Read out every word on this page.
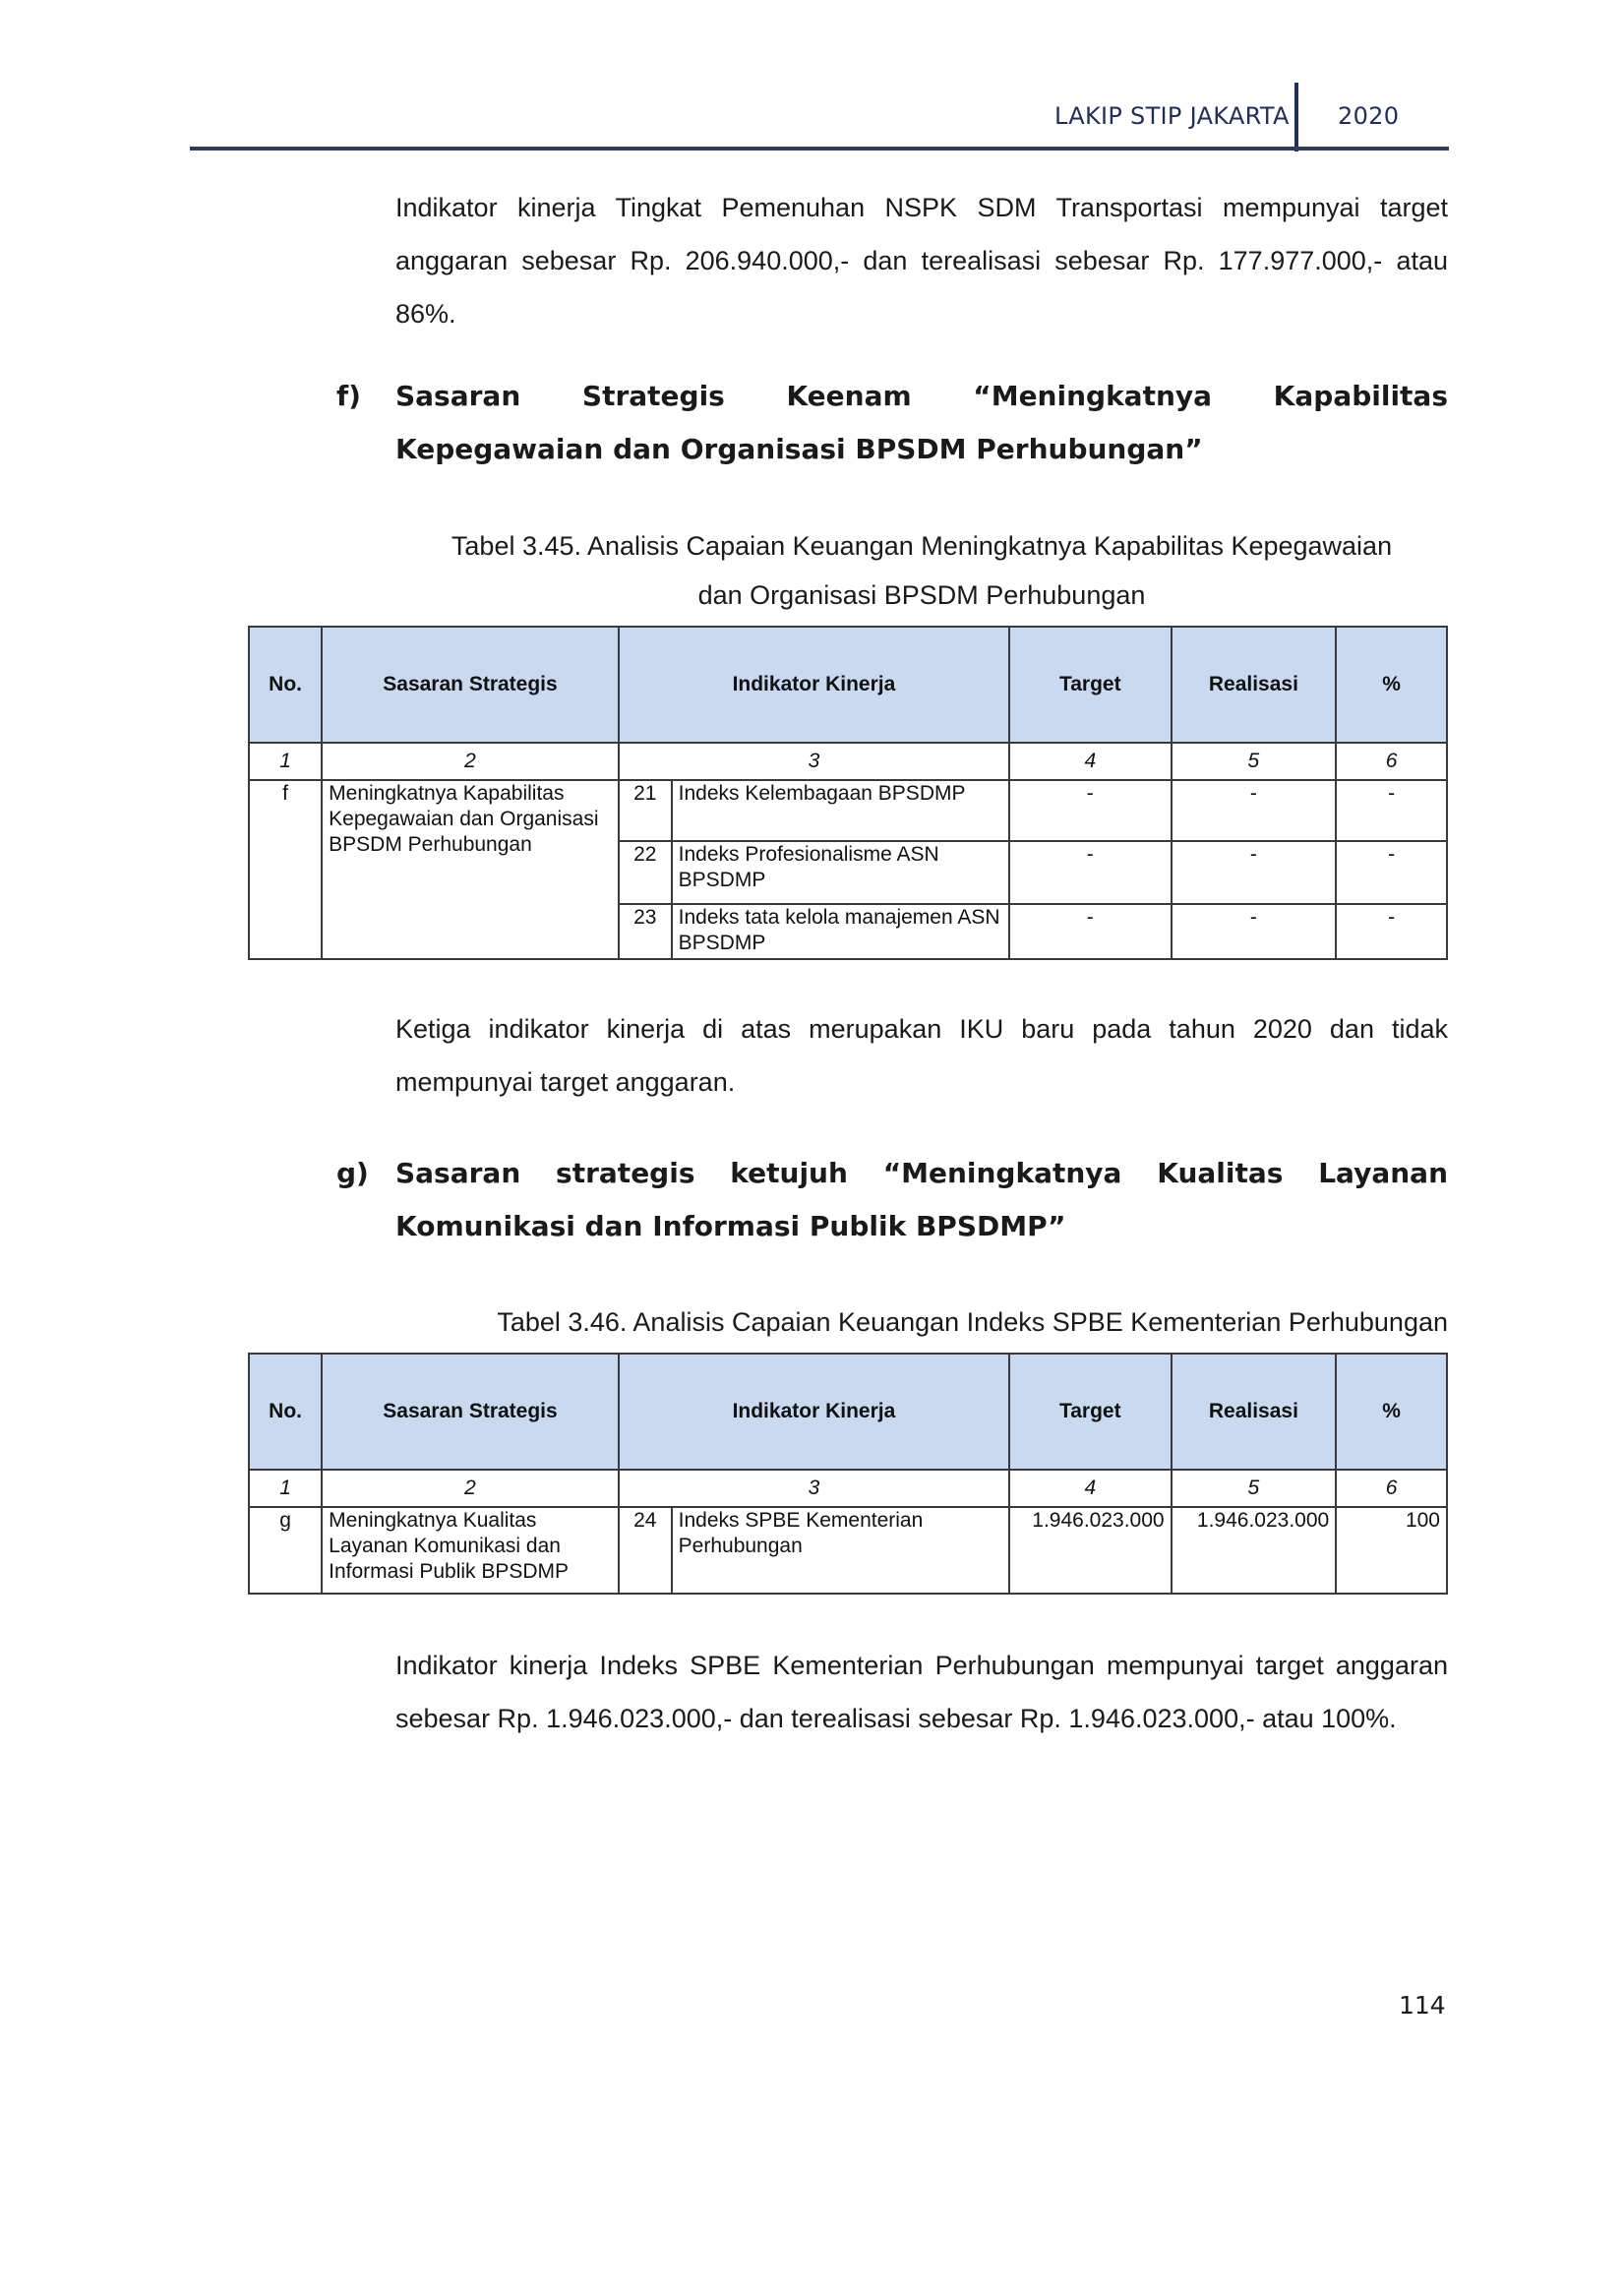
LAKIP STIP JAKARTA 2020
Indikator kinerja Tingkat Pemenuhan NSPK SDM Transportasi mempunyai target anggaran sebesar Rp. 206.940.000,- dan terealisasi sebesar Rp. 177.977.000,- atau 86%.
f) Sasaran Strategis Keenam “Meningkatnya Kapabilitas Kepegawaian dan Organisasi BPSDM Perhubungan”
Tabel 3.45. Analisis Capaian Keuangan Meningkatnya Kapabilitas Kepegawaian
dan Organisasi BPSDM Perhubungan
No.	Sasaran Strategis	Indikator Kinerja		Target	Realisasi	%
1	2	3		4	5	6
f	Meningkatnya Kapabilitas Kepegawaian dan Organisasi BPSDM Perhubungan	21	Indeks Kelembagaan BPSDMP	-	-	-
		22	Indeks Profesionalisme ASN BPSDMP	-	-	-
		23	Indeks tata kelola manajemen ASN BPSDMP	-	-	-
Ketiga indikator kinerja di atas merupakan IKU baru pada tahun 2020 dan tidak mempunyai target anggaran.
g) Sasaran strategis ketujuh “Meningkatnya Kualitas Layanan Komunikasi dan Informasi Publik BPSDMP”
Tabel 3.46. Analisis Capaian Keuangan Indeks SPBE Kementerian Perhubungan
No.	Sasaran Strategis	Indikator Kinerja		Target	Realisasi	%
1	2	3		4	5	6
g	Meningkatnya Kualitas Layanan Komunikasi dan Informasi Publik BPSDMP	24	Indeks SPBE Kementerian Perhubungan	1.946.023.000	1.946.023.000	100
Indikator kinerja Indeks SPBE Kementerian Perhubungan mempunyai target anggaran sebesar Rp. 1.946.023.000,- dan terealisasi sebesar Rp. 1.946.023.000,- atau 100%.
114
